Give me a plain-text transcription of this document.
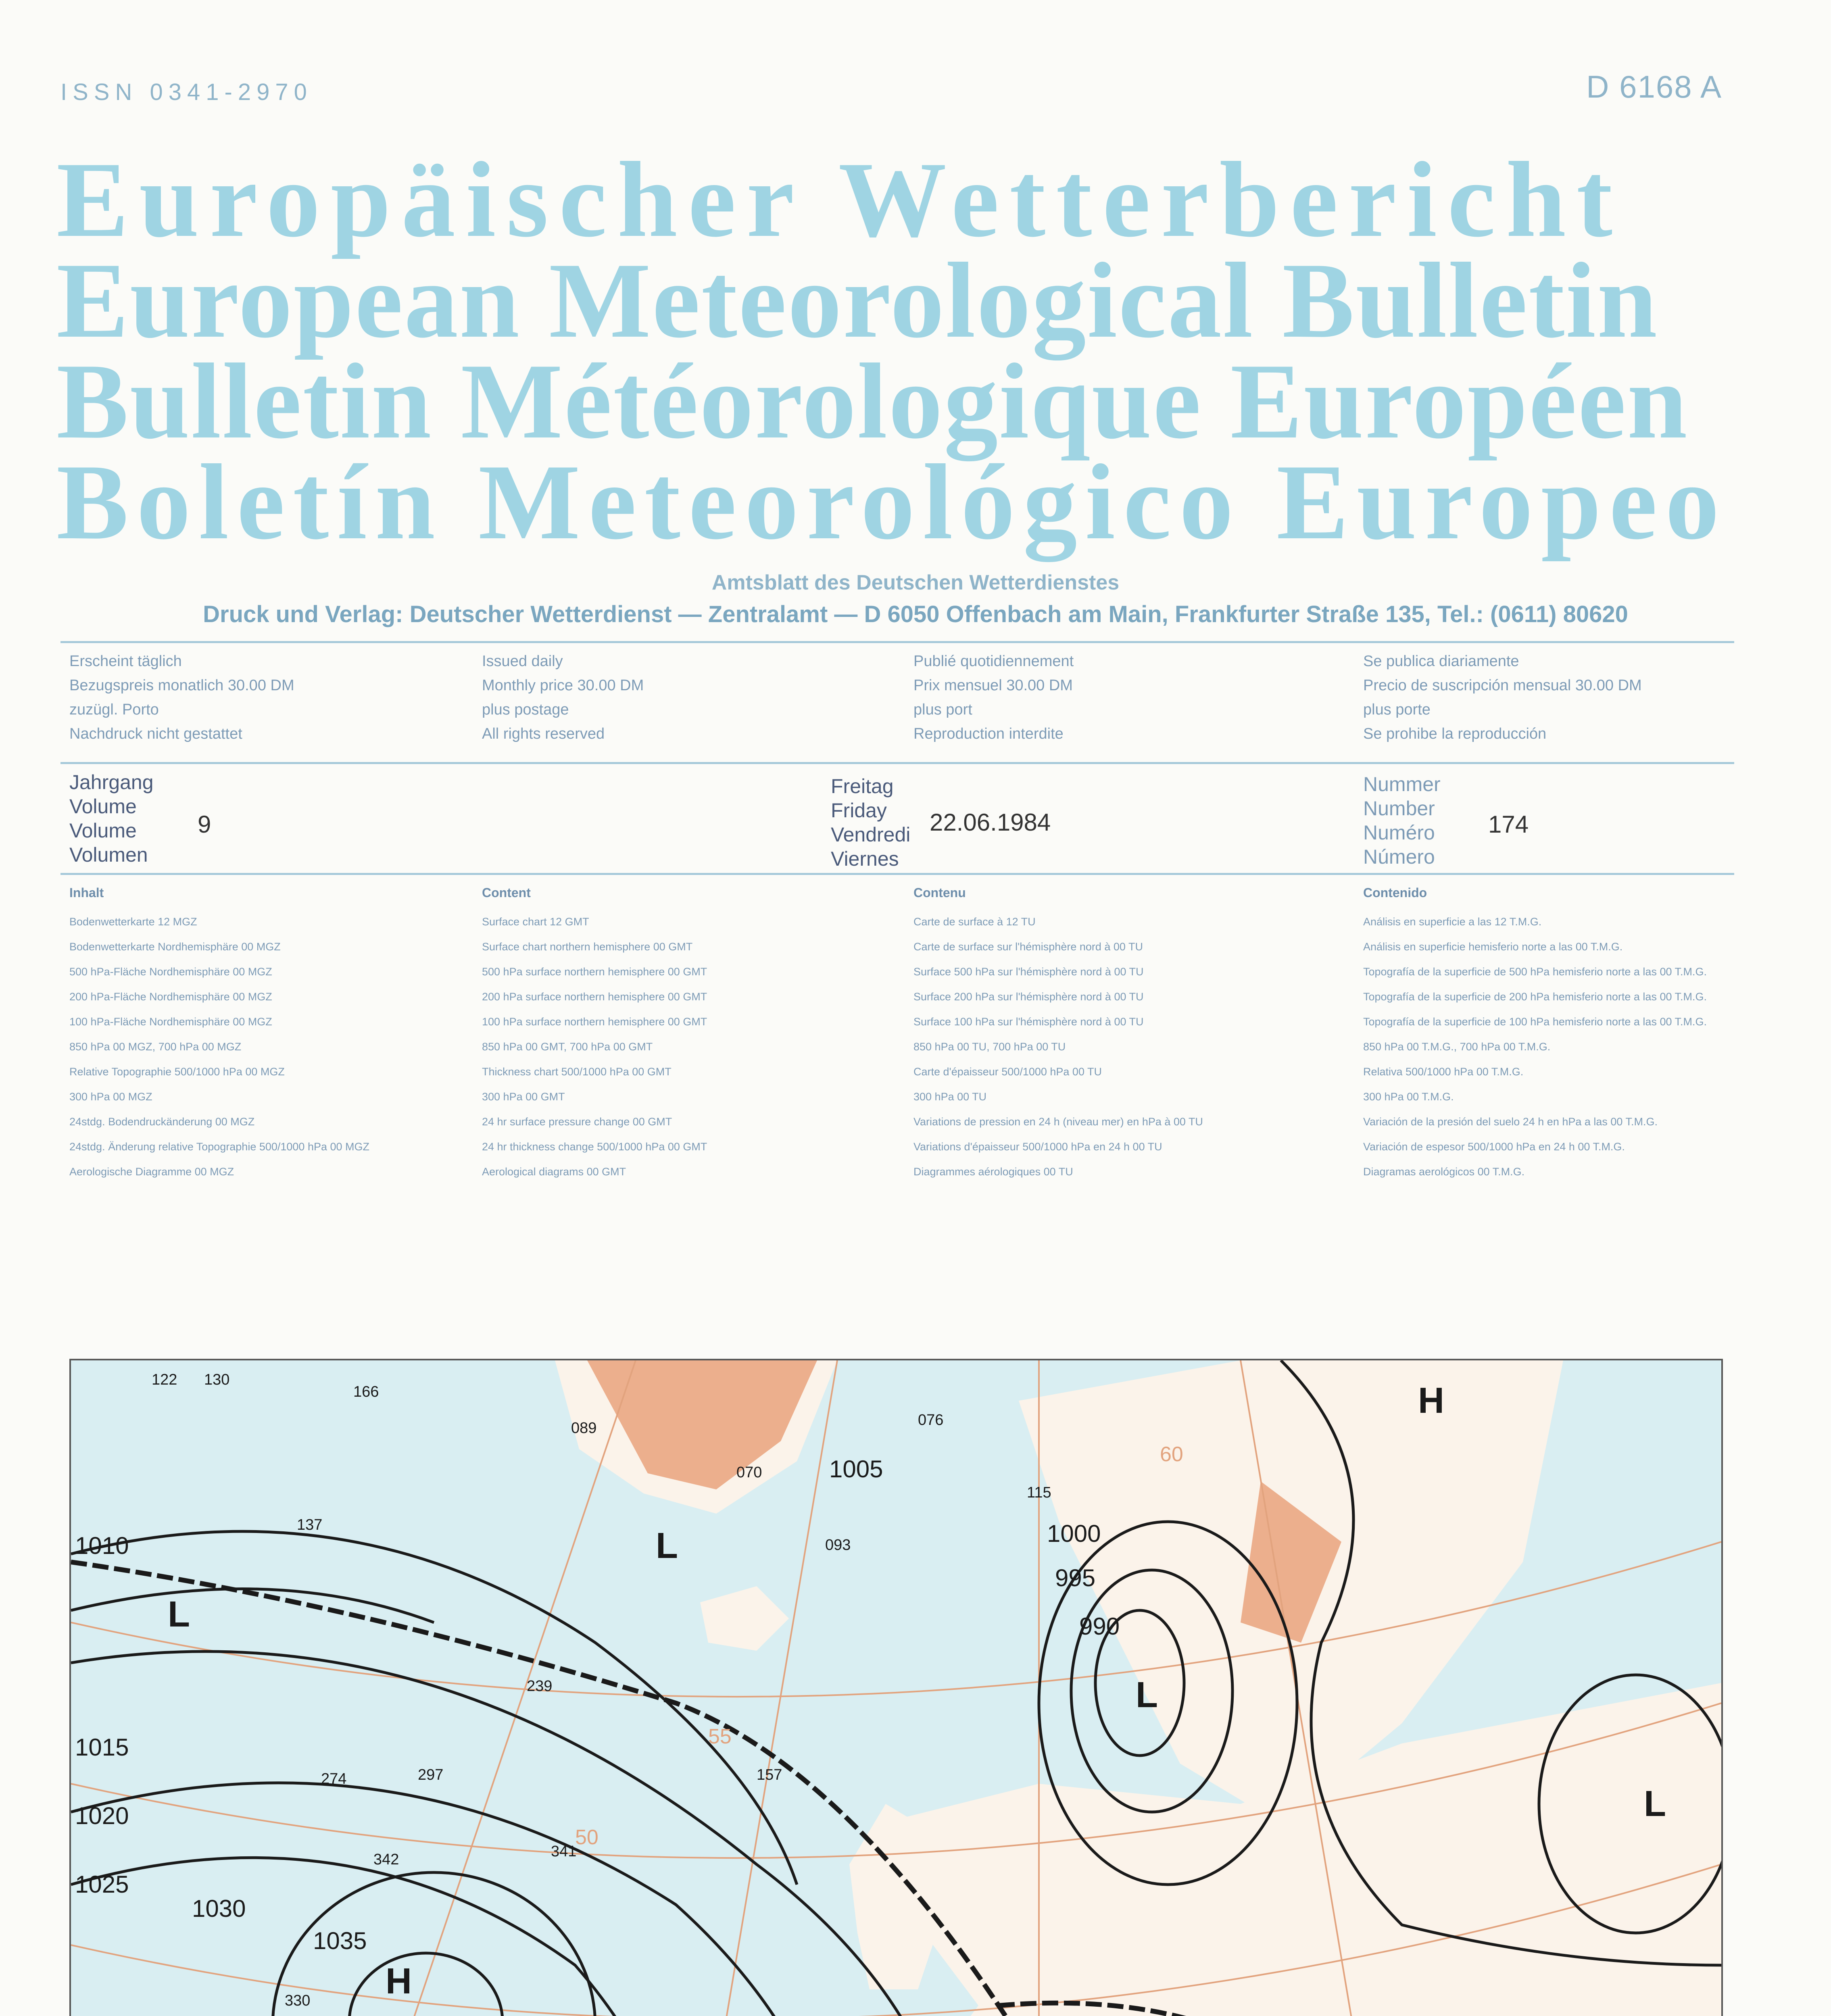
ISSN 0341-2970	D 6168 A
Europäischer Wetterbericht
European Meteorological Bulletin
Bulletin Météorologique Européen
Boletín Meteorológico Europeo
Amtsblatt des Deutschen Wetterdienstes
Druck und Verlag: Deutscher Wetterdienst — Zentralamt — D 6050 Offenbach am Main, Frankfurter Straße 135, Tel.: (0611) 80620
Erscheint täglich
Bezugspreis monatlich 30.00 DM
zuzügl. Porto
Nachdruck nicht gestattet
Issued daily
Monthly price 30.00 DM
plus postage
All rights reserved
Publié quotidiennement
Prix mensuel 30.00 DM
plus port
Reproduction interdite
Se publica diariamente
Precio de suscripción mensual 30.00 DM
plus porte
Se prohibe la reproducción
Jahrgang
Volume
Volume
Volumen
9
Freitag
Friday
Vendredi
Viernes
22.06.1984
Nummer
Number
Numéro
Número
174
Inhalt
Bodenwetterkarte 12 MGZ
Bodenwetterkarte Nordhemisphäre 00 MGZ
500 hPa-Fläche Nordhemisphäre 00 MGZ
200 hPa-Fläche Nordhemisphäre 00 MGZ
100 hPa-Fläche Nordhemisphäre 00 MGZ
850 hPa 00 MGZ, 700 hPa 00 MGZ
Relative Topographie 500/1000 hPa 00 MGZ
300 hPa 00 MGZ
24stdg. Bodendruckänderung 00 MGZ
24stdg. Änderung relative Topographie 500/1000 hPa 00 MGZ
Aerologische Diagramme 00 MGZ
Content
Surface chart 12 GMT
Surface chart northern hemisphere 00 GMT
500 hPa surface northern hemisphere 00 GMT
200 hPa surface northern hemisphere 00 GMT
100 hPa surface northern hemisphere 00 GMT
850 hPa 00 GMT, 700 hPa 00 GMT
Thickness chart 500/1000 hPa 00 GMT
300 hPa 00 GMT
24 hr surface pressure change 00 GMT
24 hr thickness change 500/1000 hPa 00 GMT
Aerological diagrams 00 GMT
Contenu
Carte de surface à 12 TU
Carte de surface sur l'hémisphère nord à 00 TU
Surface 500 hPa sur l'hémisphère nord à 00 TU
Surface 200 hPa sur l'hémisphère nord à 00 TU
Surface 100 hPa sur l'hémisphère nord à 00 TU
850 hPa 00 TU, 700 hPa 00 TU
Carte d'épaisseur 500/1000 hPa 00 TU
300 hPa 00 TU
Variations de pression en 24 h (niveau mer) en hPa à 00 TU
Variations d'épaisseur 500/1000 hPa en 24 h 00 TU
Diagrammes aérologiques 00 TU
Contenido
Análisis en superficie a las 12 T.M.G.
Análisis en superficie hemisferio norte a las 00 T.M.G.
Topografía de la superficie de 500 hPa hemisferio norte a las 00 T.M.G.
Topografía de la superficie de 200 hPa hemisferio norte a las 00 T.M.G.
Topografía de la superficie de 100 hPa hemisferio norte a las 00 T.M.G.
850 hPa 00 T.M.G., 700 hPa 00 T.M.G.
Relativa 500/1000 hPa 00 T.M.G.
300 hPa 00 T.M.G.
Variación de la presión del suelo 24 h en hPa a las 00 T.M.G.
Variación de espesor 500/1000 hPa en 24 h 00 T.M.G.
Diagramas aerológicos 00 T.M.G.
H
H
L
L
L
L
1005
1010
1015
1020
1025
1030
1035
1000
995
990
50
55
60
122 130
166
274
342
297
330
341
239
157
089
070
093
076
137
115
